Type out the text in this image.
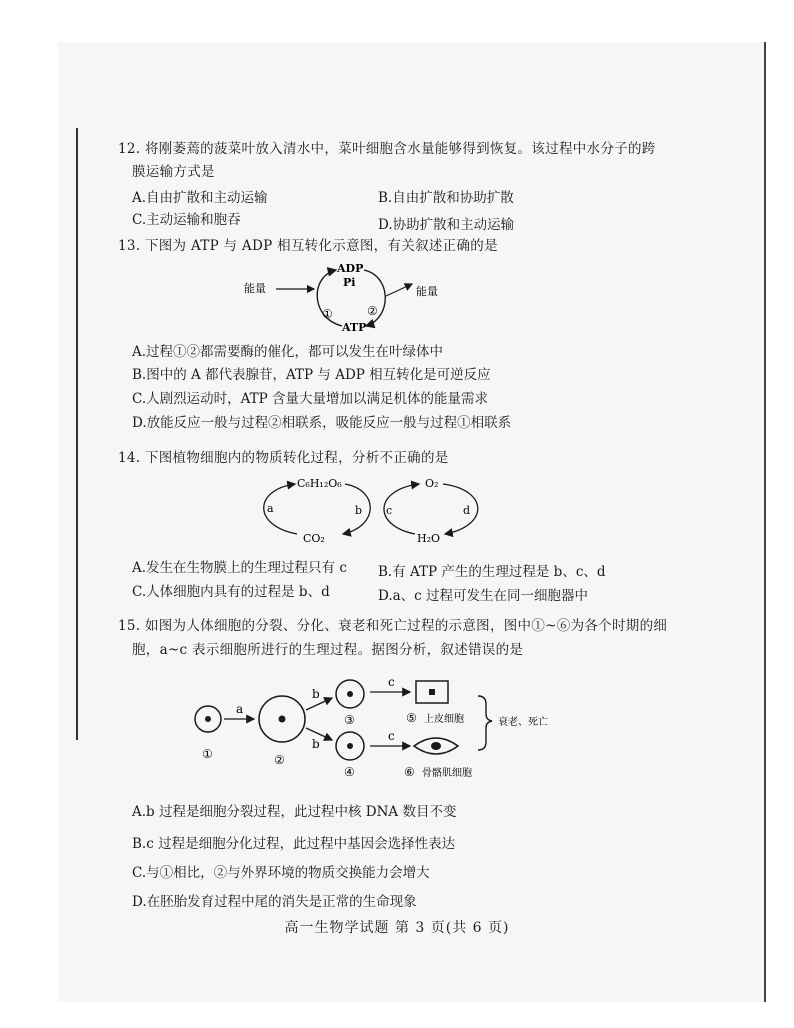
12. 将刚萎蔫的菠菜叶放入清水中，菜叶细胞含水量能够得到恢复。该过程中水分子的跨
膜运输方式是
A.自由扩散和主动运输	B.自由扩散和协助扩散
C.主动运输和胞吞	D.协助扩散和主动运输
13. 下图为 ATP 与 ADP 相互转化示意图，有关叙述正确的是
ADP
Pi
ATP
能量	能量
①	②
A.过程①②都需要酶的催化，都可以发生在叶绿体中
B.图中的 A 都代表腺苷，ATP 与 ADP 相互转化是可逆反应
C.人剧烈运动时，ATP 含量大量增加以满足机体的能量需求
D.放能反应一般与过程②相联系，吸能反应一般与过程①相联系
14. 下图植物细胞内的物质转化过程，分析不正确的是
C₆H₁₂O₆
CO₂
a	b
O₂
H₂O
c	d
A.发生在生物膜上的生理过程只有 c B.有 ATP 产生的生理过程是 b、c、d
C.人体细胞内具有的过程是 b、d	D.a、c 过程可发生在同一细胞器中
15. 如图为人体细胞的分裂、分化、衰老和死亡过程的示意图，图中①~⑥为各个时期的细
胞，a~c 表示细胞所进行的生理过程。据图分析，叙述错误的是
①
a
②
b
b
③
④
c
c
⑤ 上皮细胞
⑥ 骨骼肌细胞
衰老、死亡
A.b 过程是细胞分裂过程，此过程中核 DNA 数目不变
B.c 过程是细胞分化过程，此过程中基因会选择性表达
C.与①相比，②与外界环境的物质交换能力会增大
D.在胚胎发育过程中尾的消失是正常的生命现象
高一生物学试题 第 3 页(共 6 页)
